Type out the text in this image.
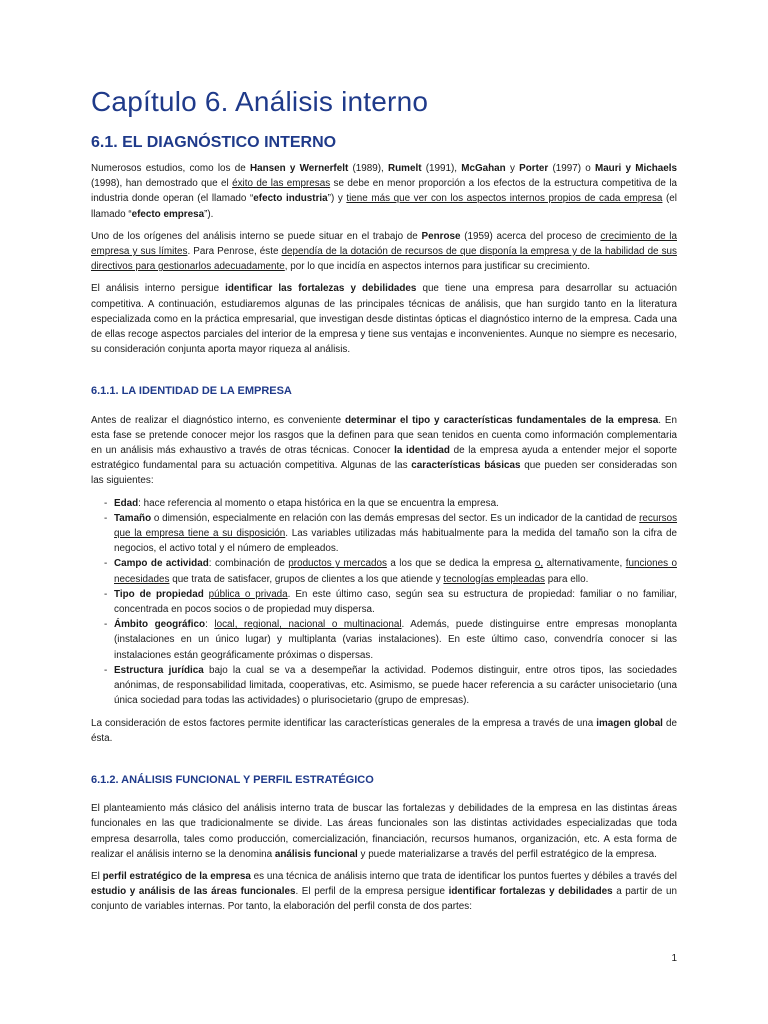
Capítulo 6. Análisis interno
6.1. EL DIAGNÓSTICO INTERNO

Numerosos estudios, como los de Hansen y Wernerfelt (1989), Rumelt (1991), McGahan y Porter (1997) o Mauri y Michaels (1998), han demostrado que el éxito de las empresas se debe en menor proporción a los efectos de la estructura competitiva de la industria donde operan (el llamado “efecto industria”) y tiene más que ver con los aspectos internos propios de cada empresa (el llamado “efecto empresa”).

Uno de los orígenes del análisis interno se puede situar en el trabajo de Penrose (1959) acerca del proceso de crecimiento de la empresa y sus límites. Para Penrose, éste dependía de la dotación de recursos de que disponía la empresa y de la habilidad de sus directivos para gestionarlos adecuadamente, por lo que incidía en aspectos internos para justificar su crecimiento.

El análisis interno persigue identificar las fortalezas y debilidades que tiene una empresa para desarrollar su actuación competitiva. A continuación, estudiaremos algunas de las principales técnicas de análisis, que han surgido tanto en la literatura especializada como en la práctica empresarial, que investigan desde distintas ópticas el diagnóstico interno de la empresa. Cada una de ellas recoge aspectos parciales del interior de la empresa y tiene sus ventajas e inconvenientes. Aunque no siempre es necesario, su consideración conjunta aporta mayor riqueza al análisis.

6.1.1. LA IDENTIDAD DE LA EMPRESA

Antes de realizar el diagnóstico interno, es conveniente determinar el tipo y características fundamentales de la empresa. En esta fase se pretende conocer mejor los rasgos que la definen para que sean tenidos en cuenta como información complementaria en un análisis más exhaustivo a través de otras técnicas. Conocer la identidad de la empresa ayuda a entender mejor el soporte estratégico fundamental para su actuación competitiva. Algunas de las características básicas que pueden ser consideradas son las siguientes:

- Edad: hace referencia al momento o etapa histórica en la que se encuentra la empresa.
- Tamaño o dimensión, especialmente en relación con las demás empresas del sector. Es un indicador de la cantidad de recursos que la empresa tiene a su disposición. Las variables utilizadas más habitualmente para la medida del tamaño son la cifra de negocios, el activo total y el número de empleados.
- Campo de actividad: combinación de productos y mercados a los que se dedica la empresa o, alternativamente, funciones o necesidades que trata de satisfacer, grupos de clientes a los que atiende y tecnologías empleadas para ello.
- Tipo de propiedad pública o privada. En este último caso, según sea su estructura de propiedad: familiar o no familiar, concentrada en pocos socios o de propiedad muy dispersa.
- Ámbito geográfico: local, regional, nacional o multinacional. Además, puede distinguirse entre empresas monoplanta (instalaciones en un único lugar) y multiplanta (varias instalaciones). En este último caso, convendría conocer si las instalaciones están geográficamente próximas o dispersas.
- Estructura jurídica bajo la cual se va a desempeñar la actividad. Podemos distinguir, entre otros tipos, las sociedades anónimas, de responsabilidad limitada, cooperativas, etc. Asimismo, se puede hacer referencia a su carácter unisocietario (una única sociedad para todas las actividades) o plurisocietario (grupo de empresas).

La consideración de estos factores permite identificar las características generales de la empresa a través de una imagen global de ésta.

6.1.2. ANÁLISIS FUNCIONAL Y PERFIL ESTRATÉGICO

El planteamiento más clásico del análisis interno trata de buscar las fortalezas y debilidades de la empresa en las distintas áreas funcionales en las que tradicionalmente se divide. Las áreas funcionales son las distintas actividades especializadas que toda empresa desarrolla, tales como producción, comercialización, financiación, recursos humanos, organización, etc. A esta forma de realizar el análisis interno se la denomina análisis funcional y puede materializarse a través del perfil estratégico de la empresa.

El perfil estratégico de la empresa es una técnica de análisis interno que trata de identificar los puntos fuertes y débiles a través del estudio y análisis de las áreas funcionales. El perfil de la empresa persigue identificar fortalezas y debilidades a partir de un conjunto de variables internas. Por tanto, la elaboración del perfil consta de dos partes:

1
